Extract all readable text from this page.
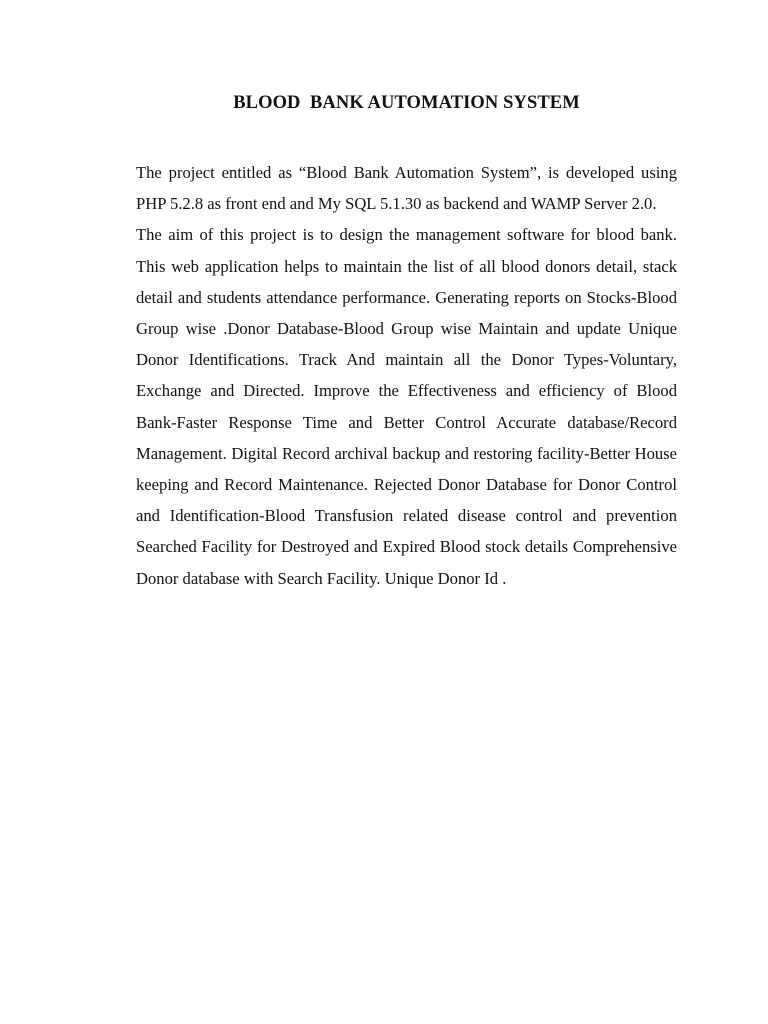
BLOOD  BANK AUTOMATION SYSTEM

The project entitled as “Blood Bank Automation System”, is developed using PHP 5.2.8 as front end and My SQL 5.1.30 as backend and WAMP Server 2.0.

The aim of this project is to design the management software for blood bank. This web application helps to maintain the list of all blood donors detail, stack detail and students attendance performance. Generating reports on Stocks-Blood Group wise .Donor Database-Blood Group wise Maintain and update Unique Donor Identifications. Track And maintain all the Donor Types-Voluntary, Exchange and Directed. Improve the Effectiveness and efficiency of Blood Bank-Faster Response Time and Better Control Accurate database/Record Management. Digital Record archival backup and restoring facility-Better House keeping and Record Maintenance. Rejected Donor Database for Donor Control and Identification-Blood Transfusion related disease control and prevention Searched Facility for Destroyed and Expired Blood stock details Comprehensive Donor database with Search Facility. Unique Donor Id .
